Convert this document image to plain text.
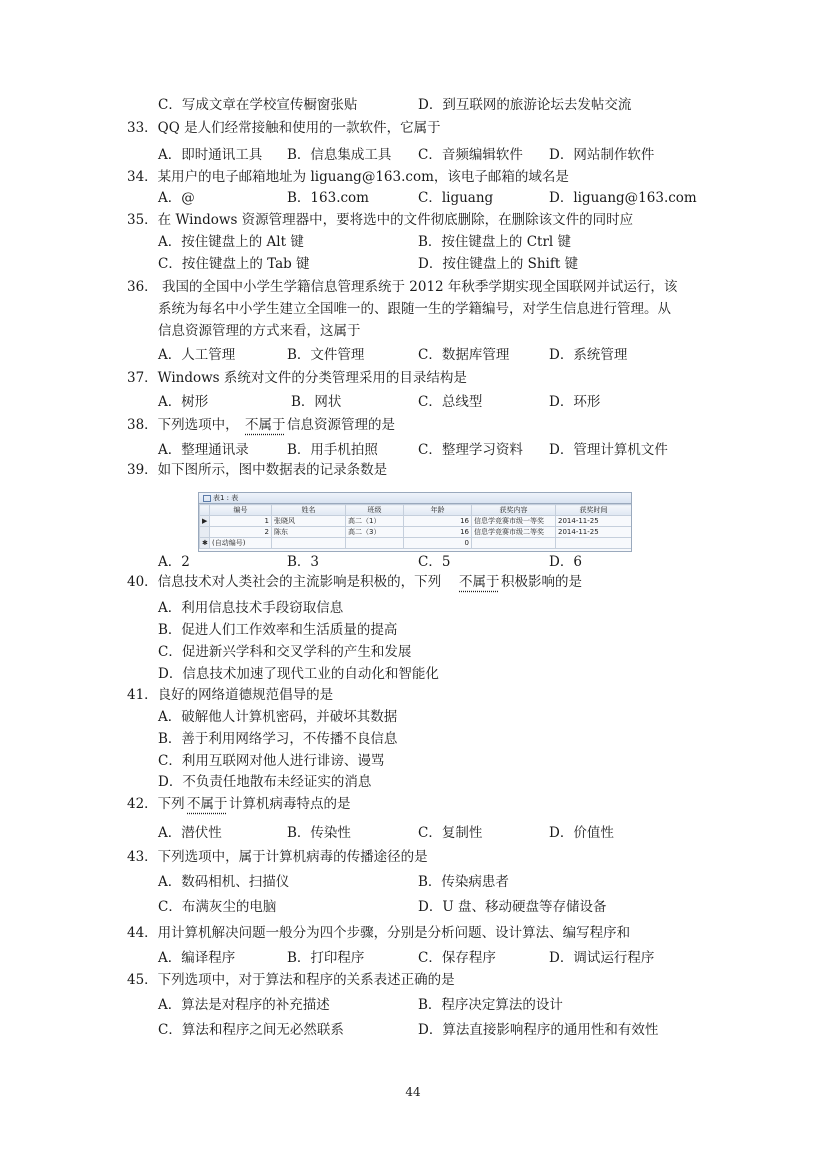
C．写成文章在学校宣传橱窗张贴	D．到互联网的旅游论坛去发帖交流
33．QQ 是人们经常接触和使用的一款软件，它属于
A．即时通讯工具 B．信息集成工具 C．音频编辑软件 D．网站制作软件
34．某用户的电子邮箱地址为 liguang@163.com，该电子邮箱的域名是
A．@	B．163.com	C．liguang	D．liguang@163.com
35．在 Windows 资源管理器中，要将选中的文件彻底删除，在删除该文件的同时应
A．按住键盘上的 Alt 键	B．按住键盘上的 Ctrl 键
C．按住键盘上的 Tab 键	D．按住键盘上的 Shift 键
36． 我国的全国中小学生学籍信息管理系统于 2012 年秋季学期实现全国联网并试运行，该
系统为每名中小学生建立全国唯一的、跟随一生的学籍编号，对学生信息进行管理。从
信息资源管理的方式来看，这属于
A．人工管理	B．文件管理	C．数据库管理	D．系统管理
37．Windows 系统对文件的分类管理采用的目录结构是
A．树形	B．网状	C．总线型	D．环形
38．下列选项中， 不属于 信息资源管理的是
A．整理通讯录	B．用手机拍照	C．整理学习资料 D．管理计算机文件
39．如下图所示，图中数据表的记录条数是
A．2	B．3	C．5	D．6
40．信息技术对人类社会的主流影响是积极的，下列 不属于 积极影响的是
A．利用信息技术手段窃取信息
B．促进人们工作效率和生活质量的提高
C．促进新兴学科和交叉学科的产生和发展
D．信息技术加速了现代工业的自动化和智能化
41．良好的网络道德规范倡导的是
A．破解他人计算机密码，并破坏其数据
B．善于利用网络学习，不传播不良信息
C．利用互联网对他人进行诽谤、谩骂
D．不负责任地散布未经证实的消息
42．下列 不属于 计算机病毒特点的是
A．潜伏性	B．传染性	C．复制性	D．价值性
43．下列选项中，属于计算机病毒的传播途径的是
A．数码相机、扫描仪	B．传染病患者
C．布满灰尘的电脑	D．U 盘、移动硬盘等存储设备
44．用计算机解决问题一般分为四个步骤，分别是分析问题、设计算法、编写程序和
A．编译程序	B．打印程序	C．保存程序	D．调试运行程序
45．下列选项中，对于算法和程序的关系表述正确的是
A．算法是对程序的补充描述	B．程序决定算法的设计
C．算法和程序之间无必然联系	D．算法直接影响程序的通用性和有效性
表1 : 表
	编号	姓名	班级	年龄	获奖内容	获奖时间
▶	1	张晓风	高二（1）	16	信息学竞赛市级一等奖	2014-11-25
	2	陈东	高二（3）	16	信息学竞赛市级二等奖	2014-11-25
✱	(自动编号)			0		
44
